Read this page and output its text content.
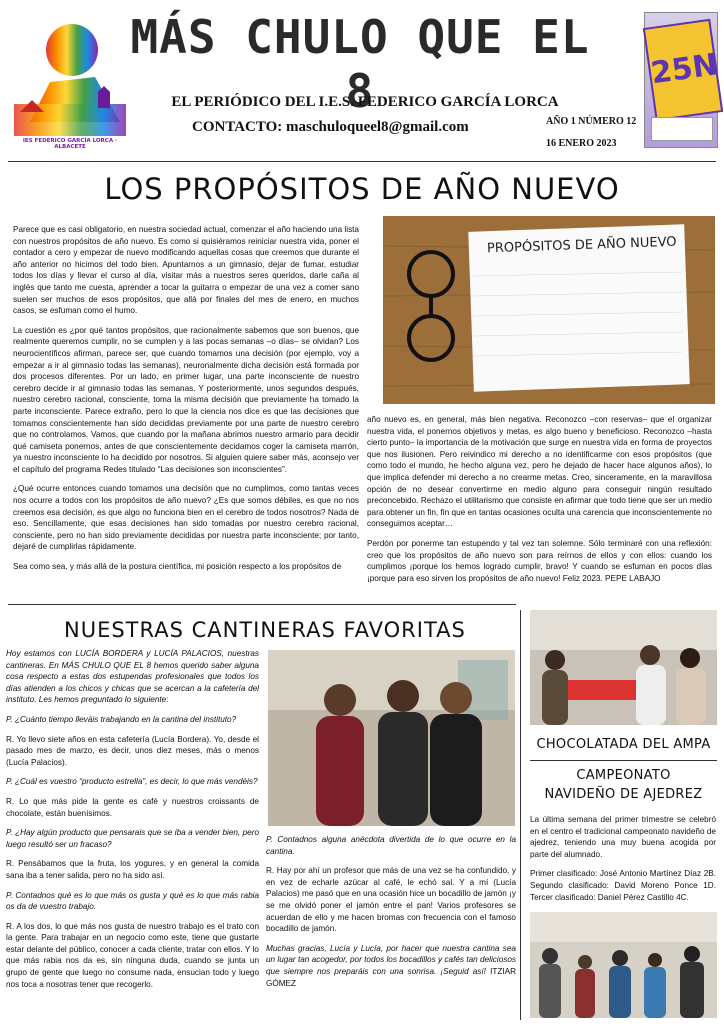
IES FEDERICO GARCÍA LORCA · ALBACETE
MÁS CHULO QUE EL 8
EL PERIÓDICO DEL I.E.S. FEDERICO GARCÍA LORCA
CONTACTO: maschuloqueel8@gmail.com	AÑO 1 NÚMERO 12
16 ENERO 2023
25N
LOS PROPÓSITOS DE AÑO NUEVO

Parece que es casi obligatorio, en nuestra sociedad actual, comenzar el año haciendo una lista con nuestros propósitos de año nuevo. Es como si quisiéramos reiniciar nuestra vida, poner el contador a cero y empezar de nuevo modificando aquellas cosas que creemos que durante el año anterior no hicimos del todo bien. Apuntarnos a un gimnasio, dejar de fumar, estudiar todos los días y llevar el curso al día, visitar más a nuestros seres queridos, darle caña al inglés que tanto me cuesta, aprender a tocar la guitarra o empezar de una vez a comer sano suelen ser muchos de esos propósitos, que allá por finales del mes de enero, en muchos casos, se esfuman como el humo.

La cuestión es ¿por qué tantos propósitos, que racionalmente sabemos que son buenos, que realmente queremos cumplir, no se cumplen y a las pocas semanas –o días– se olvidan? Los neurocientíficos afirman, parece ser, que cuando tomamos una decisión (por ejemplo, voy a empezar a ir al gimnasio todas las semanas), neuronalmente dicha decisión está formada por dos procesos diferentes. Por un lado, en primer lugar, una parte inconsciente de nuestro cerebro decide ir al gimnasio todas las semanas. Y posteriormente, unos segundos después, nuestro cerebro racional, consciente, toma la misma decisión que previamente ha tomado la parte inconsciente. Parece extraño, pero lo que la ciencia nos dice es que las decisiones que tomamos conscientemente han sido decididas previamente por una parte de nuestro cerebro que no controlamos. Vamos, que cuando por la mañana abrimos nuestro armario para decidir qué camiseta ponernos, antes de que conscientemente decidamos coger la camiseta marrón, ya nuestro inconsciente lo ha decidido por nosotros. Si alguien quiere saber más, aconsejo ver el capítulo del programa Redes titulado “Las decisiones son inconscientes”.

¿Qué ocurre entonces cuando tomamos una decisión que no cumplimos, como tantas veces nos ocurre a todos con los propósitos de año nuevo? ¿Es que somos débiles, es que no nos creemos esa decisión, es que algo no funciona bien en el cerebro de todos nosotros? Nada de eso. Sencillamente, que esas decisiones han sido tomadas por nuestro cerebro racional, consciente, pero no han sido previamente decididas por nuestra parte inconsciente; por tanto, dejaré de cumplirlas rápidamente.

Sea como sea, y más allá de la postura científica, mi posición respecto a los propósitos de

PROPÓSITOS DE AÑO NUEVO

año nuevo es, en general, más bien negativa. Reconozco –con reservas– que el organizar nuestra vida, el ponernos objetivos y metas, es algo bueno y beneficioso. Reconozco –hasta cierto punto– la importancia de la motivación que surge en nuestra vida en forma de proyectos que nos ilusionen. Pero reivindico mi derecho a no identificarme con esos propósitos (que como todo el mundo, he hecho alguna vez, pero he dejado de hacer hace algunos años), lo que implica defender mi derecho a no crearme metas. Creo, sinceramente, en la maravillosa opción de no desear convertirme en medio alguno para conseguir ningún resultado preconcebido. Rechazo el utilitarismo que consiste en afirmar que todo tiene que ser un medio para obtener un fin, fin que en tantas ocasiones oculta una carencia que inconscientemente no conseguimos aceptar…

Perdón por ponerme tan estupendo y tal vez tan solemne. Sólo terminaré con una reflexión: creo que los propósitos de año nuevo son para reírnos de ellos y con ellos: cuando los cumplimos ¡porque los hemos logrado cumplir, bravo! Y cuando se esfuman en pocos días ¡porque para eso sirven los propósitos de año nuevo! Feliz 2023. PEPE LABAJO

NUESTRAS CANTINERAS FAVORITAS

Hoy estamos con LUCÍA BORDERA y LUCÍA PALACIOS, nuestras cantineras. En MÁS CHULO QUE EL 8 hemos querido saber alguna cosa respecto a estas dos estupendas profesionales que todos los días atienden a los chicos y chicas que se acercan a la cafetería del instituto. Les hemos preguntado lo siguiente:

P. ¿Cuánto tiempo lleváis trabajando en la cantina del instituto?

R. Yo llevo siete años en esta cafetería (Lucía Bordera). Yo, desde el pasado mes de marzo, es decir, unos diez meses, más o menos (Lucía Palacios).

P. ¿Cuál es vuestro “producto estrella”, es decir, lo que más vendéis?

R. Lo que más pide la gente es café y nuestros croissants de chocolate, están buenísimos.

P. ¿Hay algún producto que pensarais que se iba a vender bien, pero luego resultó ser un fracaso?

R. Pensábamos que la fruta, los yogures, y en general la comida sana iba a tener salida, pero no ha sido así.

P. Contadnos qué es lo que más os gusta y qué es lo que más rabia os da de vuestro trabajo.

R. A los dos, lo que más nos gusta de nuestro trabajo es el trato con la gente. Para trabajar en un negocio como este, tiene que gustarte estar delante del público, conocer a cada cliente, tratar con ellos. Y lo que más rabia nos da es, sin ninguna duda, cuando se junta un grupo de gente que luego no consume nada, ensucian todo y luego nos toca a nosotras tener que recogerlo.

P. Contadnos alguna anécdota divertida de lo que ocurre en la cantina.

R. Hay por ahí un profesor que más de una vez se ha confundido, y en vez de echarle azúcar al café, le echó sal. Y a mí (Lucía Palacios) me pasó que en una ocasión hice un bocadillo de jamón ¡y se me olvidó poner el jamón entre el pan! Varios profesores se acuerdan de ello y me hacen bromas con frecuencia con el famoso bocadillo de jamón.

Muchas gracias, Lucía y Lucía, por hacer que nuestra cantina sea un lugar tan acogedor, por todos los bocadillos y cafés tan deliciosos que siempre nos preparáis con una sonrisa. ¡Seguid así! ITZIAR GÓMEZ

CHOCOLATADA DEL AMPA
CAMPEONATO NAVIDEÑO DE AJEDREZ

La última semana del primer trimestre se celebró en el centro el tradicional campeonato navideño de ajedrez, teniendo una muy buena acogida por parte del alumnado.

Primer clasificado: José Antonio Martínez Díaz 2B. Segundo clasificado: David Moreno Ponce 1D. Tercer clasificado: Daniel Pérez Castillo 4C.
